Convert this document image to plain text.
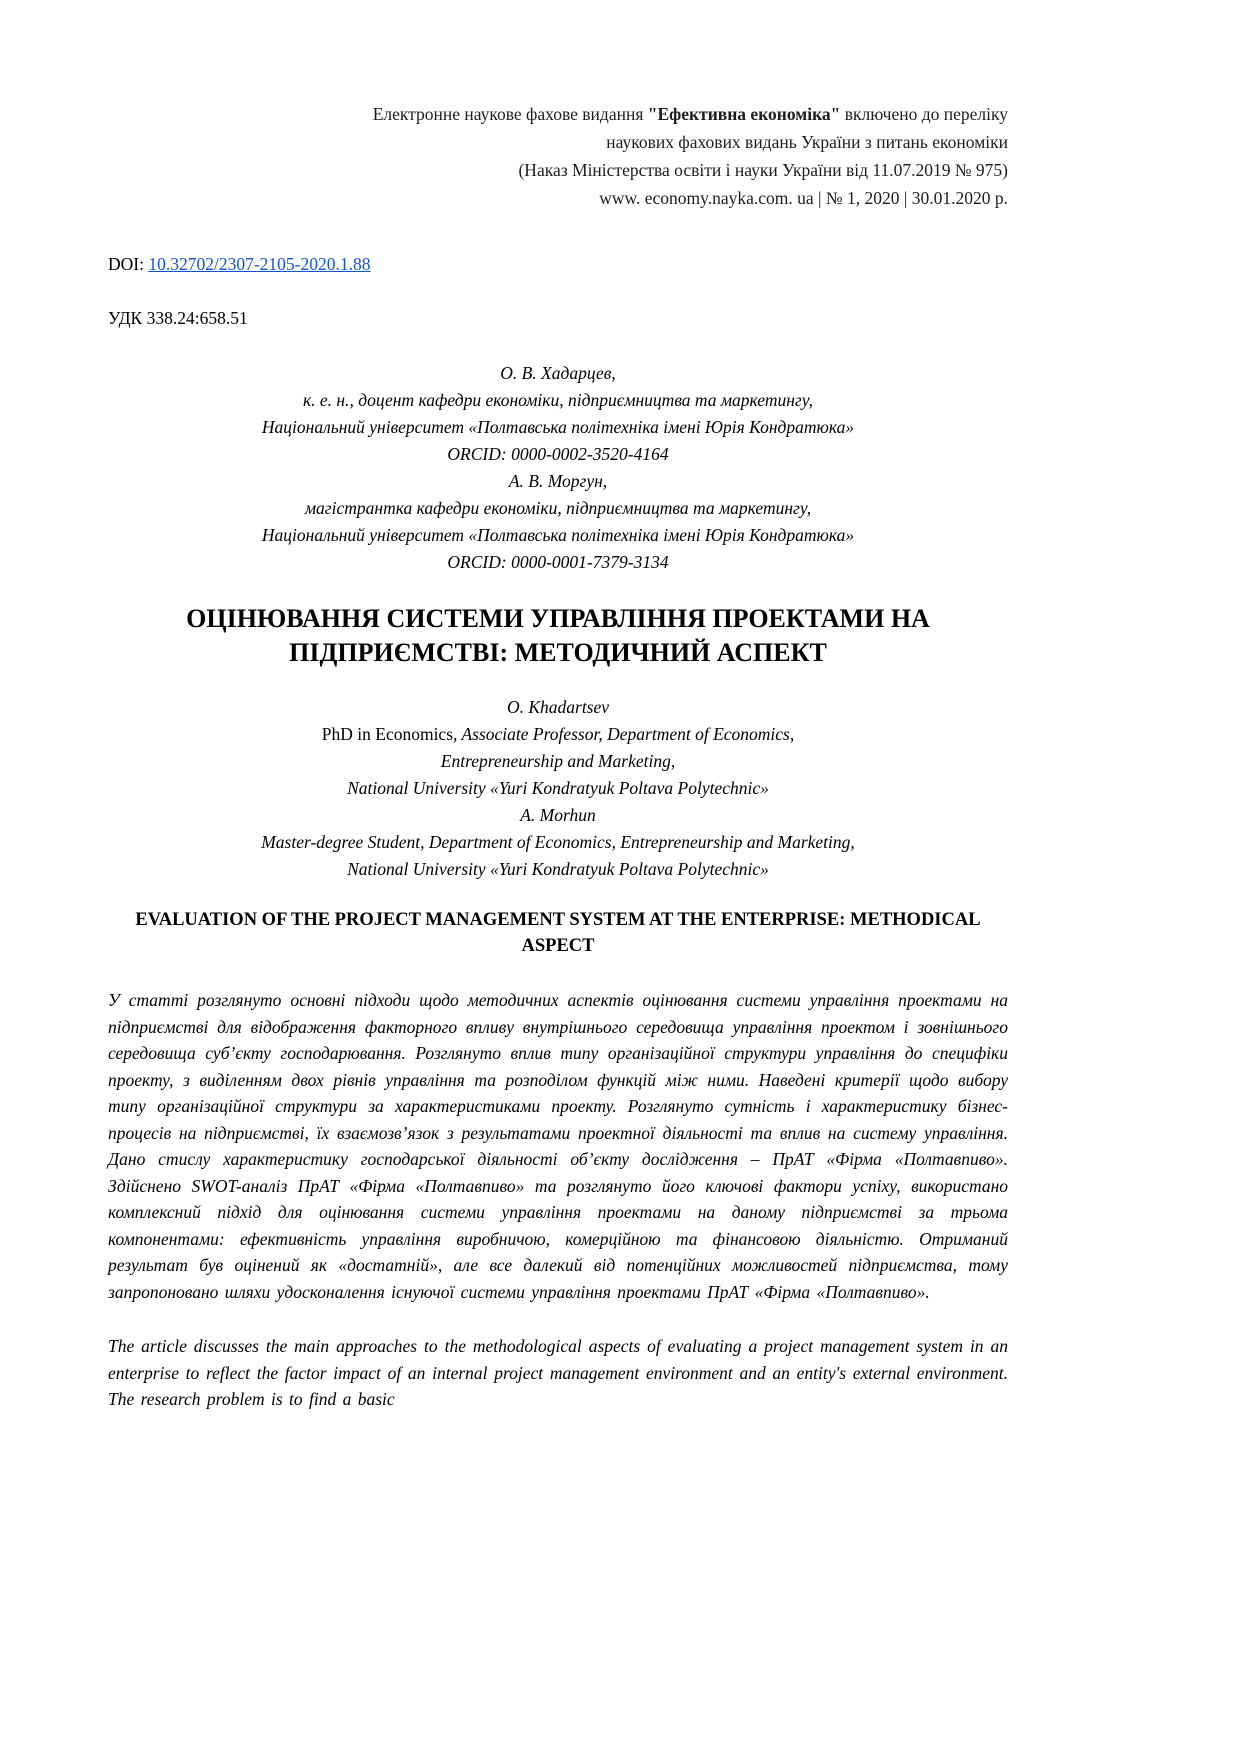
Електронне наукове фахове видання "Ефективна економіка" включено до переліку
наукових фахових видань України з питань економіки
(Наказ Міністерства освіти і науки України від 11.07.2019 № 975)
www. economy.nayka.com. ua | № 1, 2020 | 30.01.2020 р.
DOI: 10.32702/2307-2105-2020.1.88
УДК 338.24:658.51
О. В. Хадарцев,
к. е. н., доцент кафедри економіки, підприємництва та маркетингу,
Національний університет «Полтавська політехніка імені Юрія Кондратюка»
ORCID: 0000-0002-3520-4164
А. В. Моргун,
магістрантка кафедри економіки, підприємництва та маркетингу,
Національний університет «Полтавська політехніка імені Юрія Кондратюка»
ORCID: 0000-0001-7379-3134
ОЦІНЮВАННЯ СИСТЕМИ УПРАВЛІННЯ ПРОЕКТАМИ НА ПІДПРИЄМСТВІ: МЕТОДИЧНИЙ АСПЕКТ
O. Khadartsev
PhD in Economics, Associate Professor, Department of Economics,
Entrepreneurship and Marketing,
National University «Yuri Kondratyuk Poltava Polytechnic»
A. Morhun
Master-degree Student, Department of Economics, Entrepreneurship and Marketing,
National University «Yuri Kondratyuk Poltava Polytechnic»
EVALUATION OF THE PROJECT MANAGEMENT SYSTEM AT THE ENTERPRISE: METHODICAL ASPECT

У статті розглянуто основні підходи щодо методичних аспектів оцінювання системи управління проектами на підприємстві для відображення факторного впливу внутрішнього середовища управління проектом і зовнішнього середовища суб’єкту господарювання. Розглянуто вплив типу організаційної структури управління до специфіки проекту, з виділенням двох рівнів управління та розподілом функцій між ними. Наведені критерії щодо вибору типу організаційної структури за характеристиками проекту. Розглянуто сутність і характеристику бізнес-процесів на підприємстві, їх взаємозв’язок з результатами проектної діяльності та вплив на систему управління. Дано стислу характеристику господарської діяльності об’єкту дослідження – ПрАТ «Фірма «Полтавпиво». Здійснено SWOT-аналіз ПрАТ «Фірма «Полтавпиво» та розглянуто його ключові фактори успіху, використано комплексний підхід для оцінювання системи управління проектами на даному підприємстві за трьома компонентами: ефективність управління виробничою, комерційною та фінансовою діяльністю. Отриманий результат був оцінений як «достатній», але все далекий від потенційних можливостей підприємства, тому запропоновано шляхи удосконалення існуючої системи управління проектами ПрАТ «Фірма «Полтавпиво».

The article discusses the main approaches to the methodological aspects of evaluating a project management system in an enterprise to reflect the factor impact of an internal project management environment and an entity's external environment. The research problem is to find a basic
